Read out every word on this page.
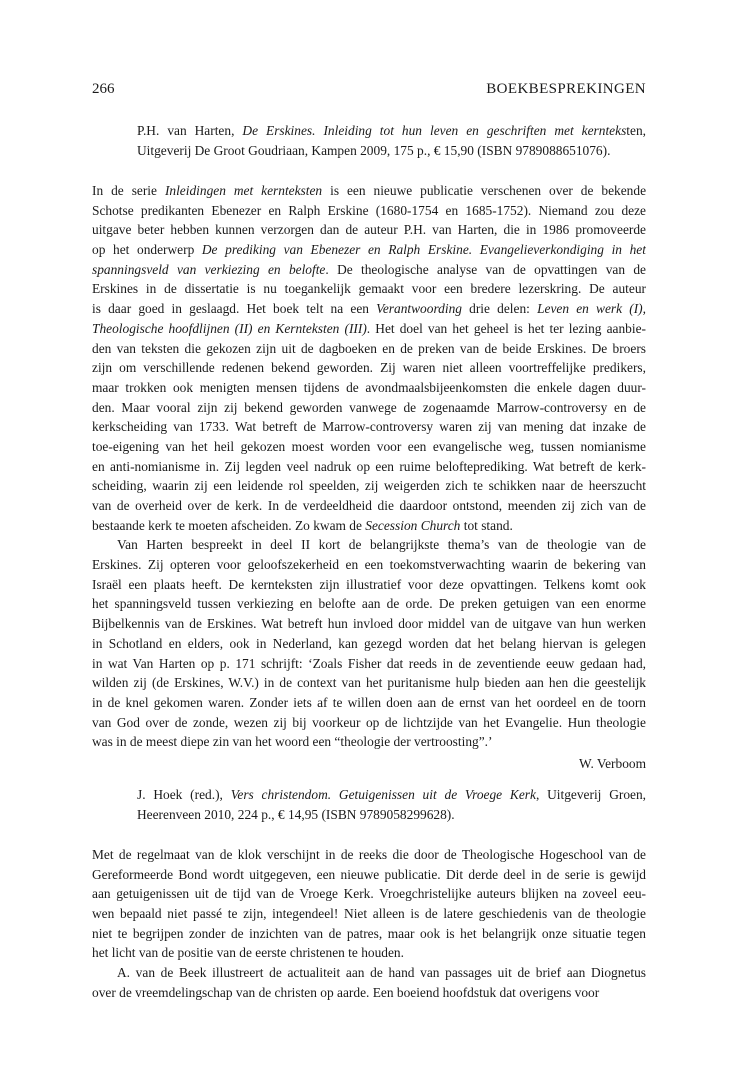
266	BOEKBESPREKINGEN

P.H. van Harten, De Erskines. Inleiding tot hun leven en geschriften met kernteksten, Uitgeverij De Groot Goudriaan, Kampen 2009, 175 p., € 15,90 (ISBN 9789088651076).

In de serie Inleidingen met kernteksten is een nieuwe publicatie verschenen over de bekende
Schotse predikanten Ebenezer en Ralph Erskine (1680-1754 en 1685-1752). Niemand zou deze
uitgave beter hebben kunnen verzorgen dan de auteur P.H. van Harten, die in 1986 promoveerde
op het onderwerp De prediking van Ebenezer en Ralph Erskine. Evangelieverkondiging in het
spanningsveld van verkiezing en belofte. De theologische analyse van de opvattingen van de
Erskines in de dissertatie is nu toegankelijk gemaakt voor een bredere lezerskring. De auteur
is daar goed in geslaagd. Het boek telt na een Verantwoording drie delen: Leven en werk (I),
Theologische hoofdlijnen (II) en Kernteksten (III). Het doel van het geheel is het ter lezing aanbie-
den van teksten die gekozen zijn uit de dagboeken en de preken van de beide Erskines. De broers
zijn om verschillende redenen bekend geworden. Zij waren niet alleen voortreffelijke predikers,
maar trokken ook menigten mensen tijdens de avondmaalsbijeenkomsten die enkele dagen duur-
den. Maar vooral zijn zij bekend geworden vanwege de zogenaamde Marrow-controversy en de
kerkscheiding van 1733. Wat betreft de Marrow-controversy waren zij van mening dat inzake de
toe-eigening van het heil gekozen moest worden voor een evangelische weg, tussen nomianisme
en anti-nomianisme in. Zij legden veel nadruk op een ruime belofteprediking. Wat betreft de kerk-
scheiding, waarin zij een leidende rol speelden, zij weigerden zich te schikken naar de heerszucht
van de overheid over de kerk. In de verdeeldheid die daardoor ontstond, meenden zij zich van de
bestaande kerk te moeten afscheiden. Zo kwam de Secession Church tot stand.
Van Harten bespreekt in deel II kort de belangrijkste thema’s van de theologie van de
Erskines. Zij opteren voor geloofszekerheid en een toekomstverwachting waarin de bekering van
Israël een plaats heeft. De kernteksten zijn illustratief voor deze opvattingen. Telkens komt ook
het spanningsveld tussen verkiezing en belofte aan de orde. De preken getuigen van een enorme
Bijbelkennis van de Erskines. Wat betreft hun invloed door middel van de uitgave van hun werken
in Schotland en elders, ook in Nederland, kan gezegd worden dat het belang hiervan is gelegen
in wat Van Harten op p. 171 schrijft: ‘Zoals Fisher dat reeds in de zeventiende eeuw gedaan had,
wilden zij (de Erskines, W.V.) in de context van het puritanisme hulp bieden aan hen die geestelijk
in de knel gekomen waren. Zonder iets af te willen doen aan de ernst van het oordeel en de toorn
van God over de zonde, wezen zij bij voorkeur op de lichtzijde van het Evangelie. Hun theologie
was in de meest diepe zin van het woord een “theologie der vertroosting”.’
W. Verboom

J. Hoek (red.), Vers christendom. Getuigenissen uit de Vroege Kerk, Uitgeverij Groen, Heerenveen 2010, 224 p., € 14,95 (ISBN 9789058299628).

Met de regelmaat van de klok verschijnt in de reeks die door de Theologische Hogeschool van de
Gereformeerde Bond wordt uitgegeven, een nieuwe publicatie. Dit derde deel in de serie is gewijd
aan getuigenissen uit de tijd van de Vroege Kerk. Vroegchristelijke auteurs blijken na zoveel eeu-
wen bepaald niet passé te zijn, integendeel! Niet alleen is de latere geschiedenis van de theologie
niet te begrijpen zonder de inzichten van de patres, maar ook is het belangrijk onze situatie tegen
het licht van de positie van de eerste christenen te houden.
A. van de Beek illustreert de actualiteit aan de hand van passages uit de brief aan Diognetus
over de vreemdelingschap van de christen op aarde. Een boeiend hoofdstuk dat overigens voor
